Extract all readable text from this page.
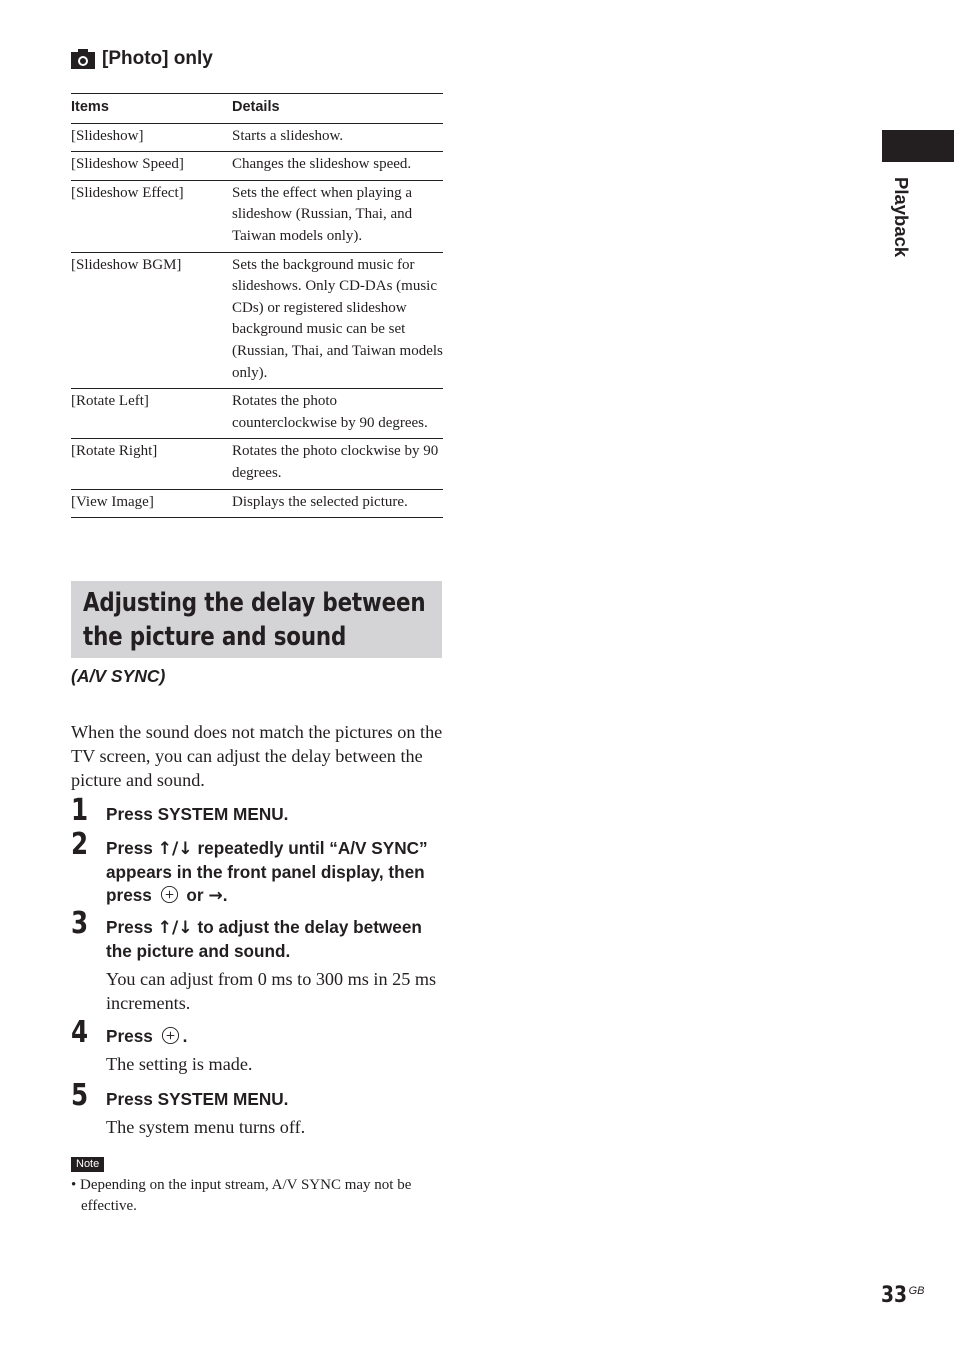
[Photo] only
Items	Details
[Slideshow]	Starts a slideshow.
[Slideshow Speed]	Changes the slideshow speed.
[Slideshow Effect]	Sets the effect when playing a slideshow (Russian, Thai, and Taiwan models only).
[Slideshow BGM]	Sets the background music for slideshows. Only CD-DAs (music CDs) or registered slideshow background music can be set (Russian, Thai, and Taiwan models only).
[Rotate Left]	Rotates the photo counterclockwise by 90 degrees.
[Rotate Right]	Rotates the photo clockwise by 90 degrees.
[View Image]	Displays the selected picture.
Adjusting the delay between the picture and sound
(A/V SYNC)

When the sound does not match the pictures on the TV screen, you can adjust the delay between the picture and sound.

1 Press SYSTEM MENU.
2 Press ↑/↓ repeatedly until “A/V SYNC” appears in the front panel display, then press  or →.
3 Press ↑/↓ to adjust the delay between the picture and sound.
You can adjust from 0 ms to 300 ms in 25 ms increments.
4 Press .
The setting is made.
5 Press SYSTEM MENU.
The system menu turns off.
Note

• Depending on the input stream, A/V SYNC may not be effective.

Playback
33 $^{GB}$
